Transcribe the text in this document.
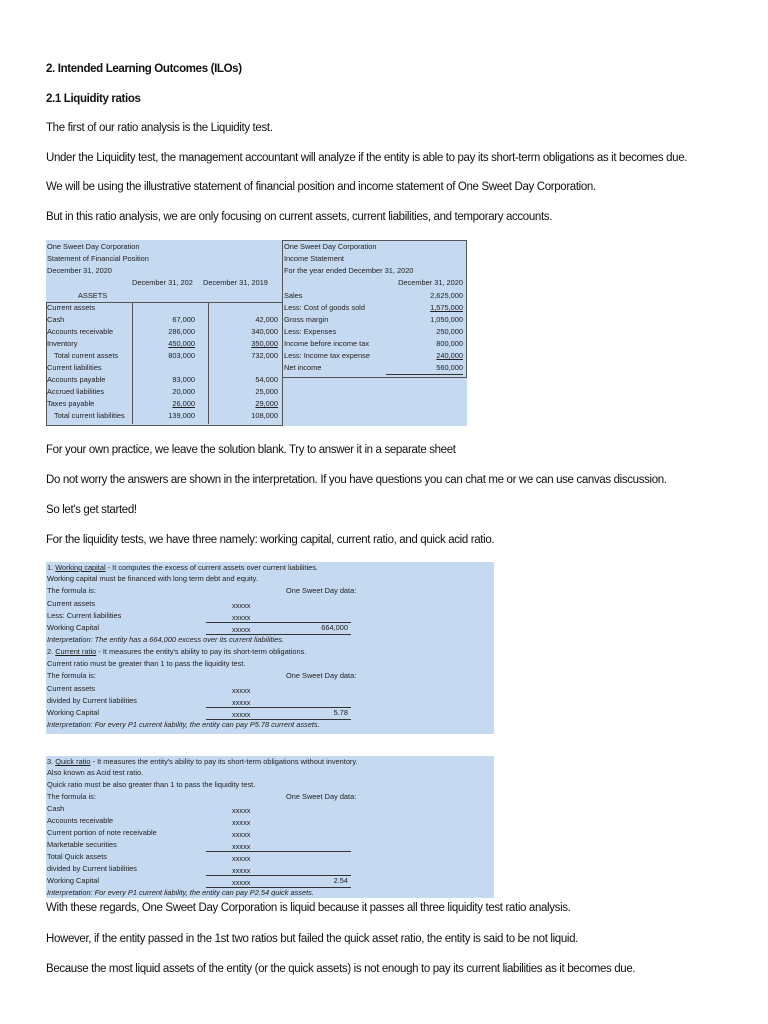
2. Intended Learning Outcomes (ILOs)
2.1 Liquidity ratios
The first of our ratio analysis is the Liquidity test.
Under the Liquidity test, the management accountant will analyze if the entity is able to pay its short-term obligations as it becomes due.
We will be using the illustrative statement of financial position and income statement of One Sweet Day Corporation.
But in this ratio analysis, we are only focusing on current assets, current liabilities, and temporary accounts.
One Sweet Day Corporation
Statement of Financial Position
December 31, 2020
December 31, 202 December 31, 2019
ASSETS
Current assets
Cash	67,000	42,000
Accounts receivable	286,000	340,000
Inventory	450,000	350,000
Total current assets	803,000	732,000
Current liabilities
Accounts payable	93,000	54,000
Accrued liabilities	20,000	25,000
Taxes payable	26,000	29,000
Total current liabilities	139,000	108,000
One Sweet Day Corporation
Income Statement
For the year ended December 31, 2020
December 31, 2020
Sales	2,625,000
Less: Cost of goods sold	1,575,000
Gross margin	1,050,000
Less: Expenses	250,000
Income before income tax	800,000
Less: Income tax expense	240,000
Net income	560,000
For your own practice, we leave the solution blank. Try to answer it in a separate sheet
Do not worry the answers are shown in the interpretation. If you have questions you can chat me or we can use canvas discussion.
So let's get started!
For the liquidity tests, we have three namely: working capital, current ratio, and quick acid ratio.
1. Working capital - It computes the excess of current assets over current liabilities.
Working capital must be financed with long term debt and equity.
The formula is:	One Sweet Day data:
Current assets	xxxxx
Less: Current liabilities	xxxxx
Working Capital	xxxxx	664,000
Interpretation: The entity has a 664,000 excess over its current liabilities.
2. Current ratio - It measures the entity's ability to pay its short-term obligations.
Current ratio must be greater than 1 to pass the liquidity test.
The formula is:	One Sweet Day data:
Current assets	xxxxx
divided by Current liabilities	xxxxx
Working Capital	xxxxx	5.78
Interpretation: For every P1 current liability, the entity can pay P5.78 current assets.
3. Quick ratio - It measures the entity's ability to pay its short-term obligations without inventory.
Also known as Acid test ratio.
Quick ratio must be also greater than 1 to pass the liquidity test.
The formula is:	One Sweet Day data:
Cash	xxxxx
Accounts receivable	xxxxx
Current portion of note receivable	xxxxx
Marketable securities	xxxxx
Total Quick assets	xxxxx
divided by Current liabilities	xxxxx
Working Capital	xxxxx	2.54
Interpretation: For every P1 current liability, the entity can pay P2.54 quick assets.
With these regards, One Sweet Day Corporation is liquid because it passes all three liquidity test ratio analysis.
However, if the entity passed in the 1st two ratios but failed the quick asset ratio, the entity is said to be not liquid.
Because the most liquid assets of the entity (or the quick assets) is not enough to pay its current liabilities as it becomes due.
